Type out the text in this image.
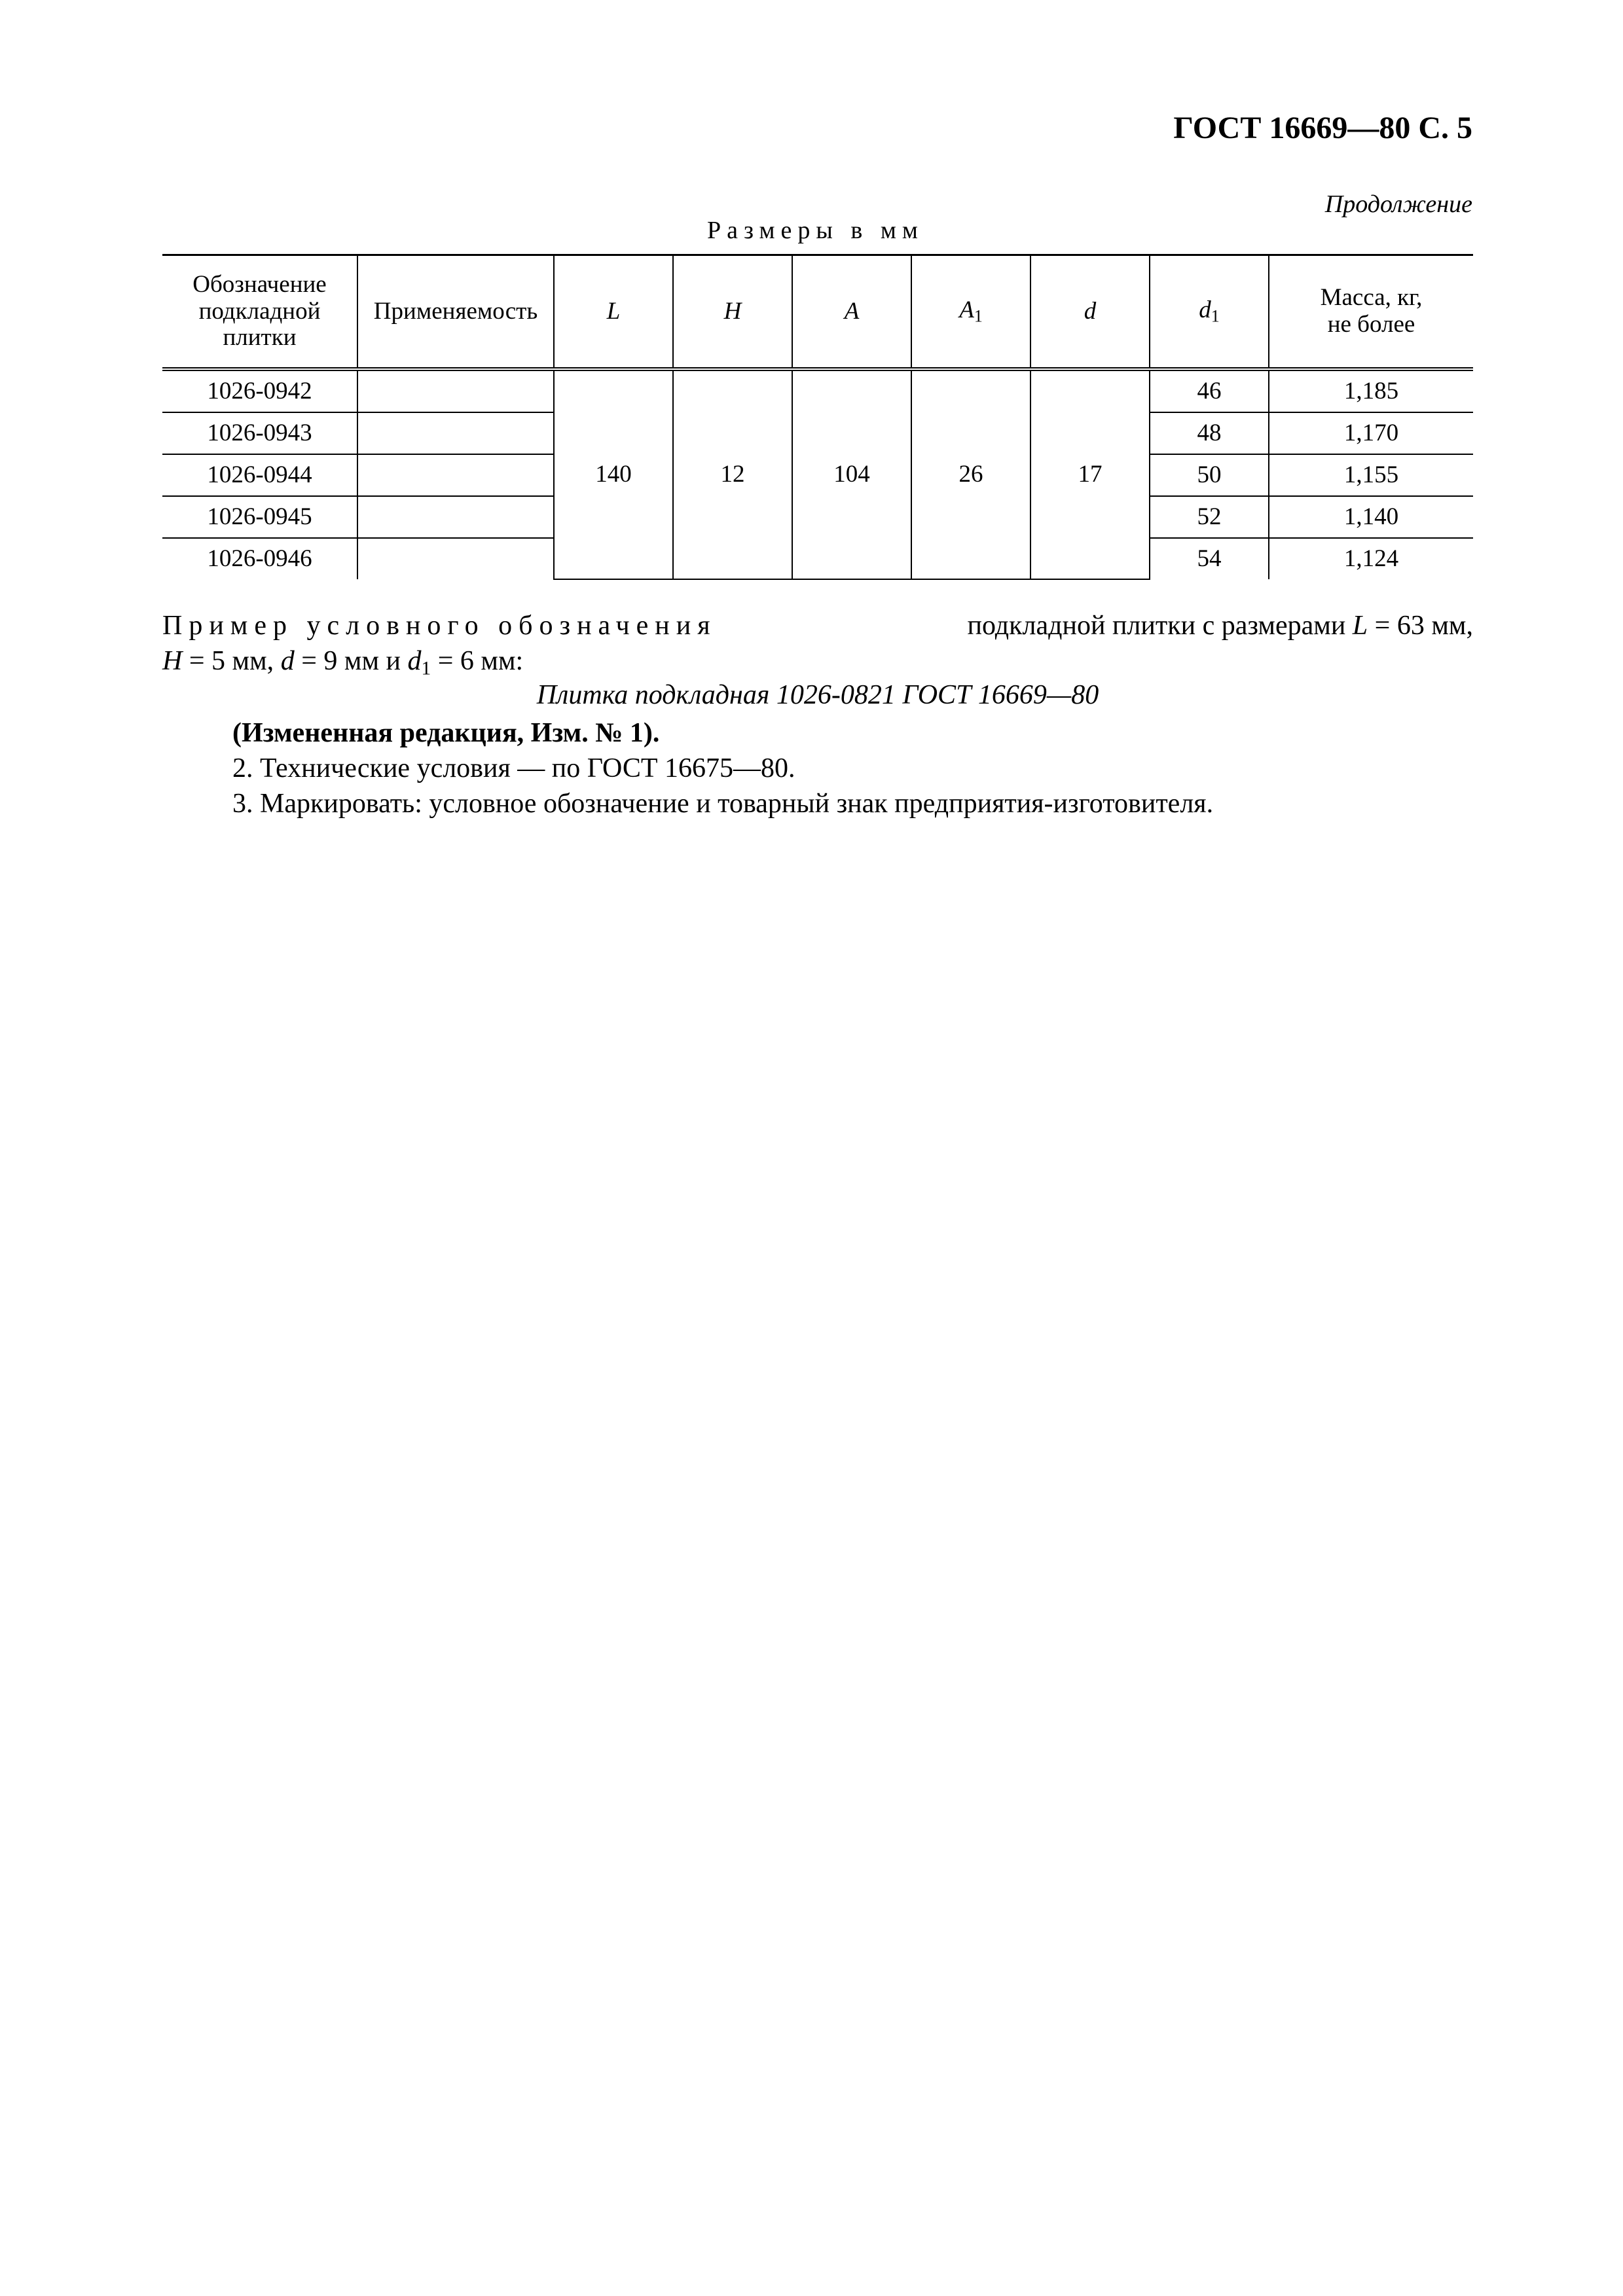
ГОСТ 16669—80 С. 5
Продолжение
Размеры в мм
Обозначение подкладной плитки	Применяемость	L	H	A	$A_1$	d	$d_1$	Масса, кг, не более
1026-0942		140	12	104	26	17	46	1,185
1026-0943							48	1,170
1026-0944							50	1,155
1026-0945							52	1,140
1026-0946							54	1,124
Пример условного обозначения	подкладной плитки с размерами L = 63 мм,
H = 5 мм, d = 9 мм и $d_1 = 6$ мм:
Плитка подкладная 1026-0821 ГОСТ 16669—80
(Измененная редакция, Изм. № 1).
2. Технические условия — по ГОСТ 16675—80.
3. Маркировать: условное обозначение и товарный знак предприятия-изготовителя.
